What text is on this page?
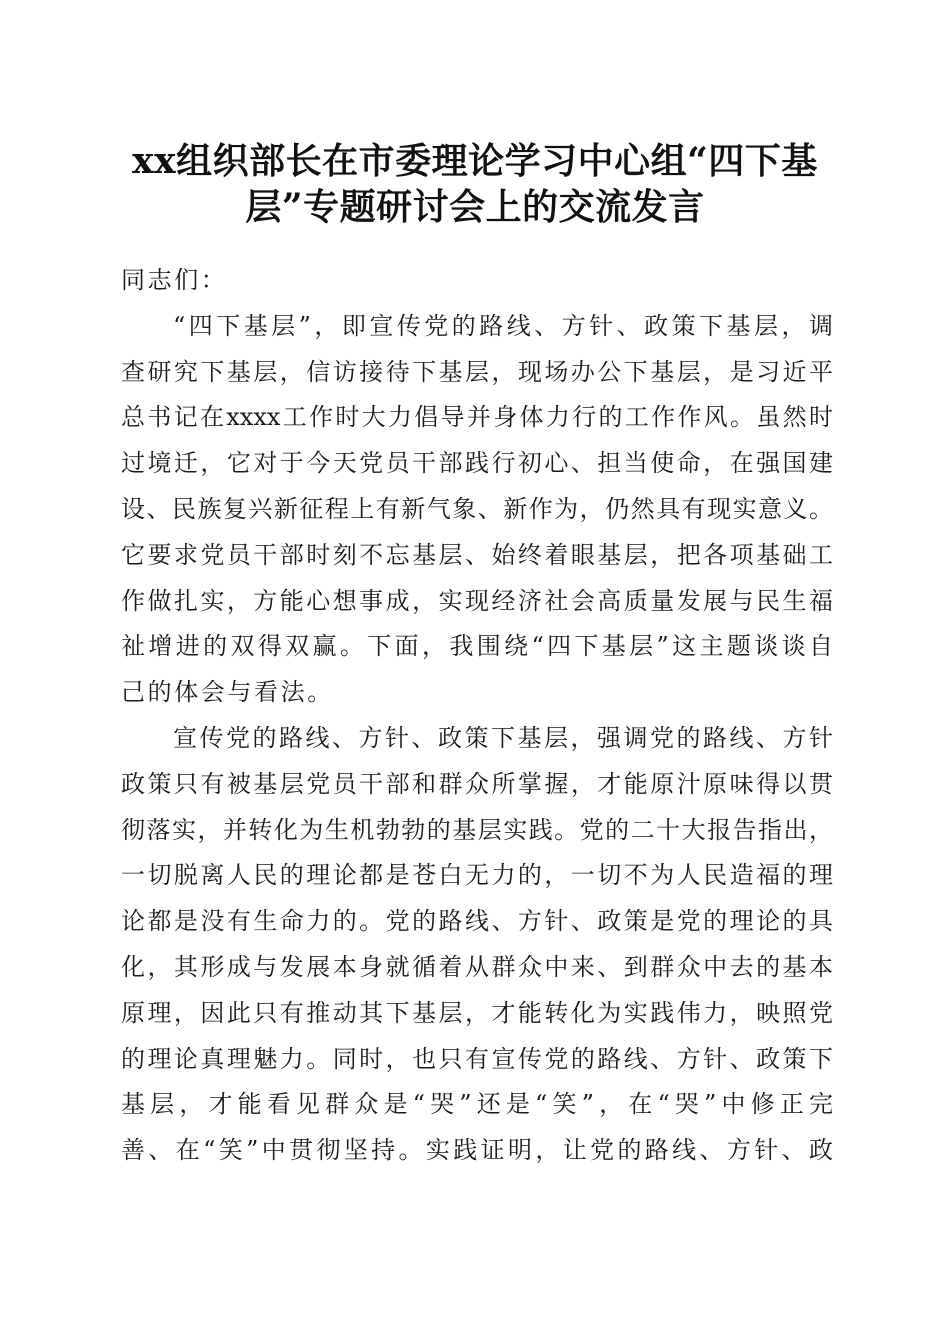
xx组织部长在市委理论学习中心组“四下基
层”专题研讨会上的交流发言
同志们：
“四下基层”，即宣传党的路线、方针、政策下基层，调
查研究下基层，信访接待下基层，现场办公下基层，是习近平
总书记在xxxx工作时大力倡导并身体力行的工作作风。虽然时
过境迁，它对于今天党员干部践行初心、担当使命，在强国建
设、民族复兴新征程上有新气象、新作为，仍然具有现实意义。
它要求党员干部时刻不忘基层、始终着眼基层，把各项基础工
作做扎实，方能心想事成，实现经济社会高质量发展与民生福
祉增进的双得双赢。下面，我围绕“四下基层”这主题谈谈自
己的体会与看法。
宣传党的路线、方针、政策下基层，强调党的路线、方针
政策只有被基层党员干部和群众所掌握，才能原汁原味得以贯
彻落实，并转化为生机勃勃的基层实践。党的二十大报告指出，
一切脱离人民的理论都是苍白无力的，一切不为人民造福的理
论都是没有生命力的。党的路线、方针、政策是党的理论的具
化，其形成与发展本身就循着从群众中来、到群众中去的基本
原理，因此只有推动其下基层，才能转化为实践伟力，映照党
的理论真理魅力。同时，也只有宣传党的路线、方针、政策下
基层，才能看见群众是“哭”还是“笑”，在“哭”中修正完
善、在“笑”中贯彻坚持。实践证明，让党的路线、方针、政
